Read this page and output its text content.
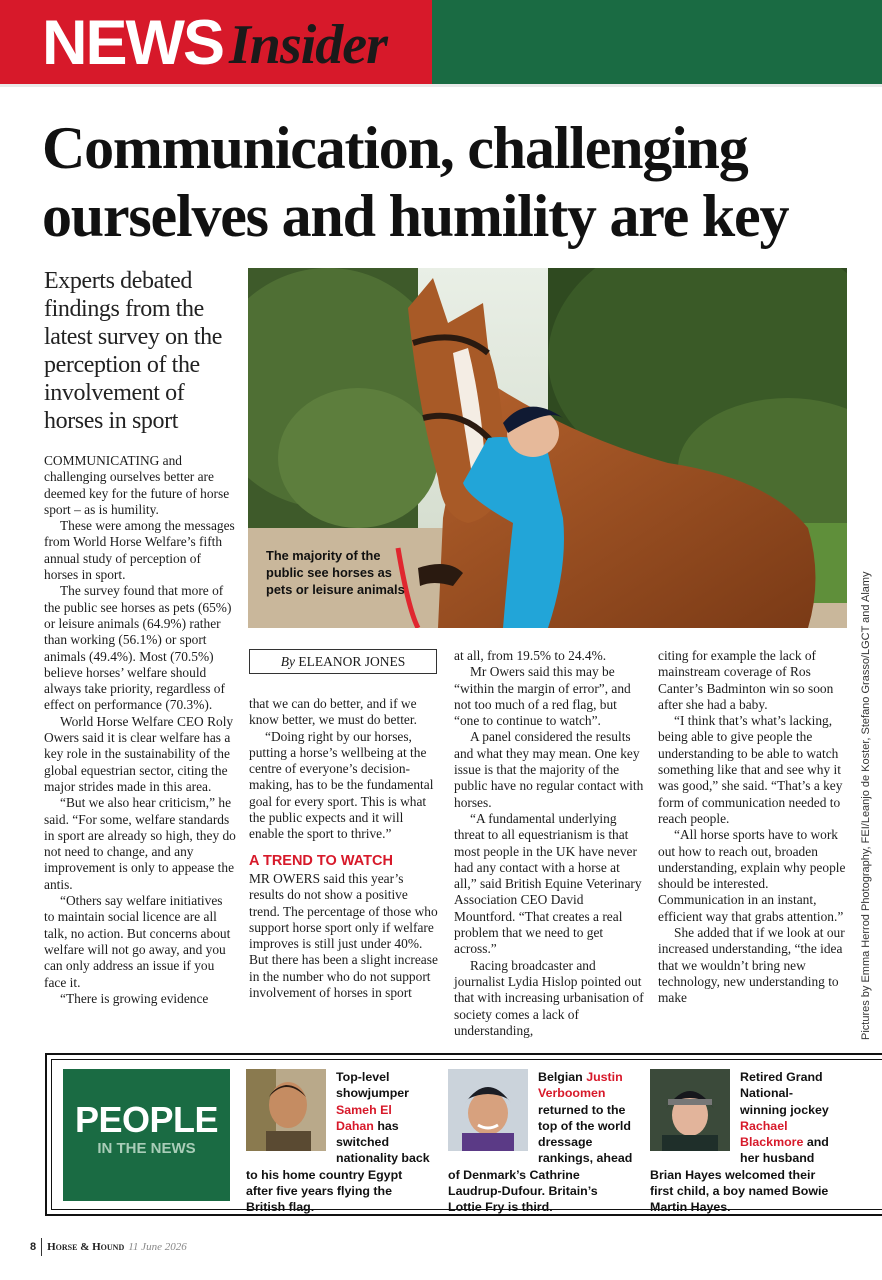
NEWS Insider
Communication, challenging ourselves and humility are key
Experts debated findings from the latest survey on the perception of the involvement of horses in sport

COMMUNICATING and challenging ourselves better are deemed key for the future of horse sport – as is humility.

These were among the messages from World Horse Welfare’s fifth annual study of perception of horses in sport.

The survey found that more of the public see horses as pets (65%) or leisure animals (64.9%) rather than working (56.1%) or sport animals (49.4%). Most (70.5%) believe horses’ welfare should always take priority, regardless of effect on performance (70.3%).

World Horse Welfare CEO Roly Owers said it is clear welfare has a key role in the sustainability of the global equestrian sector, citing the major strides made in this area.

“But we also hear criticism,” he said. “For some, welfare standards in sport are already so high, they do not need to change, and any improvement is only to appease the antis.

“Others say welfare initiatives to maintain social licence are all talk, no action. But concerns about welfare will not go away, and you can only address an issue if you face it.

“There is growing evidence

The majority of the public see horses as pets or leisure animals	Pictures by Emma Herrod Photography, FEI/Leanjo de Koster, Stefano Grasso/LGCT and Alamy
By ELEANOR JONES

that we can do better, and if we know better, we must do better.

“Doing right by our horses, putting a horse’s wellbeing at the centre of everyone’s decision-making, has to be the fundamental goal for every sport. This is what the public expects and it will enable the sport to thrive.”

A TREND TO WATCH

MR OWERS said this year’s results do not show a positive trend. The percentage of those who support horse sport only if welfare improves is still just under 40%. But there has been a slight increase in the number who do not support involvement of horses in sport

at all, from 19.5% to 24.4%.

Mr Owers said this may be “within the margin of error”, and not too much of a red flag, but “one to continue to watch”.

A panel considered the results and what they may mean. One key issue is that the majority of the public have no regular contact with horses.

“A fundamental underlying threat to all equestrianism is that most people in the UK have never had any contact with a horse at all,” said British Equine Veterinary Association CEO David Mountford. “That creates a real problem that we need to get across.”

Racing broadcaster and journalist Lydia Hislop pointed out that with increasing urbanisation of society comes a lack of understanding,

citing for example the lack of mainstream coverage of Ros Canter’s Badminton win so soon after she had a baby.

“I think that’s what’s lacking, being able to give people the understanding to be able to watch something like that and see why it was good,” she said. “That’s a key form of communication needed to reach people.

“All horse sports have to work out how to reach out, broaden understanding, explain why people should be interested. Communication in an instant, efficient way that grabs attention.”

She added that if we look at our increased understanding, “the idea that we wouldn’t bring new technology, new understanding to make

PEOPLE
IN THE NEWS
Top-level showjumper Sameh El Dahan has switched nationality back to his home country Egypt after five years flying the British flag.
Belgian Justin Verboomen returned to the top of the world dressage rankings, ahead of Denmark’s Cathrine Laudrup-Dufour. Britain’s Lottie Fry is third.
Retired Grand National-winning jockey Rachael Blackmore and her husband Brian Hayes welcomed their first child, a boy named Bowie Martin Hayes.
8 Horse & Hound 11 June 2026
